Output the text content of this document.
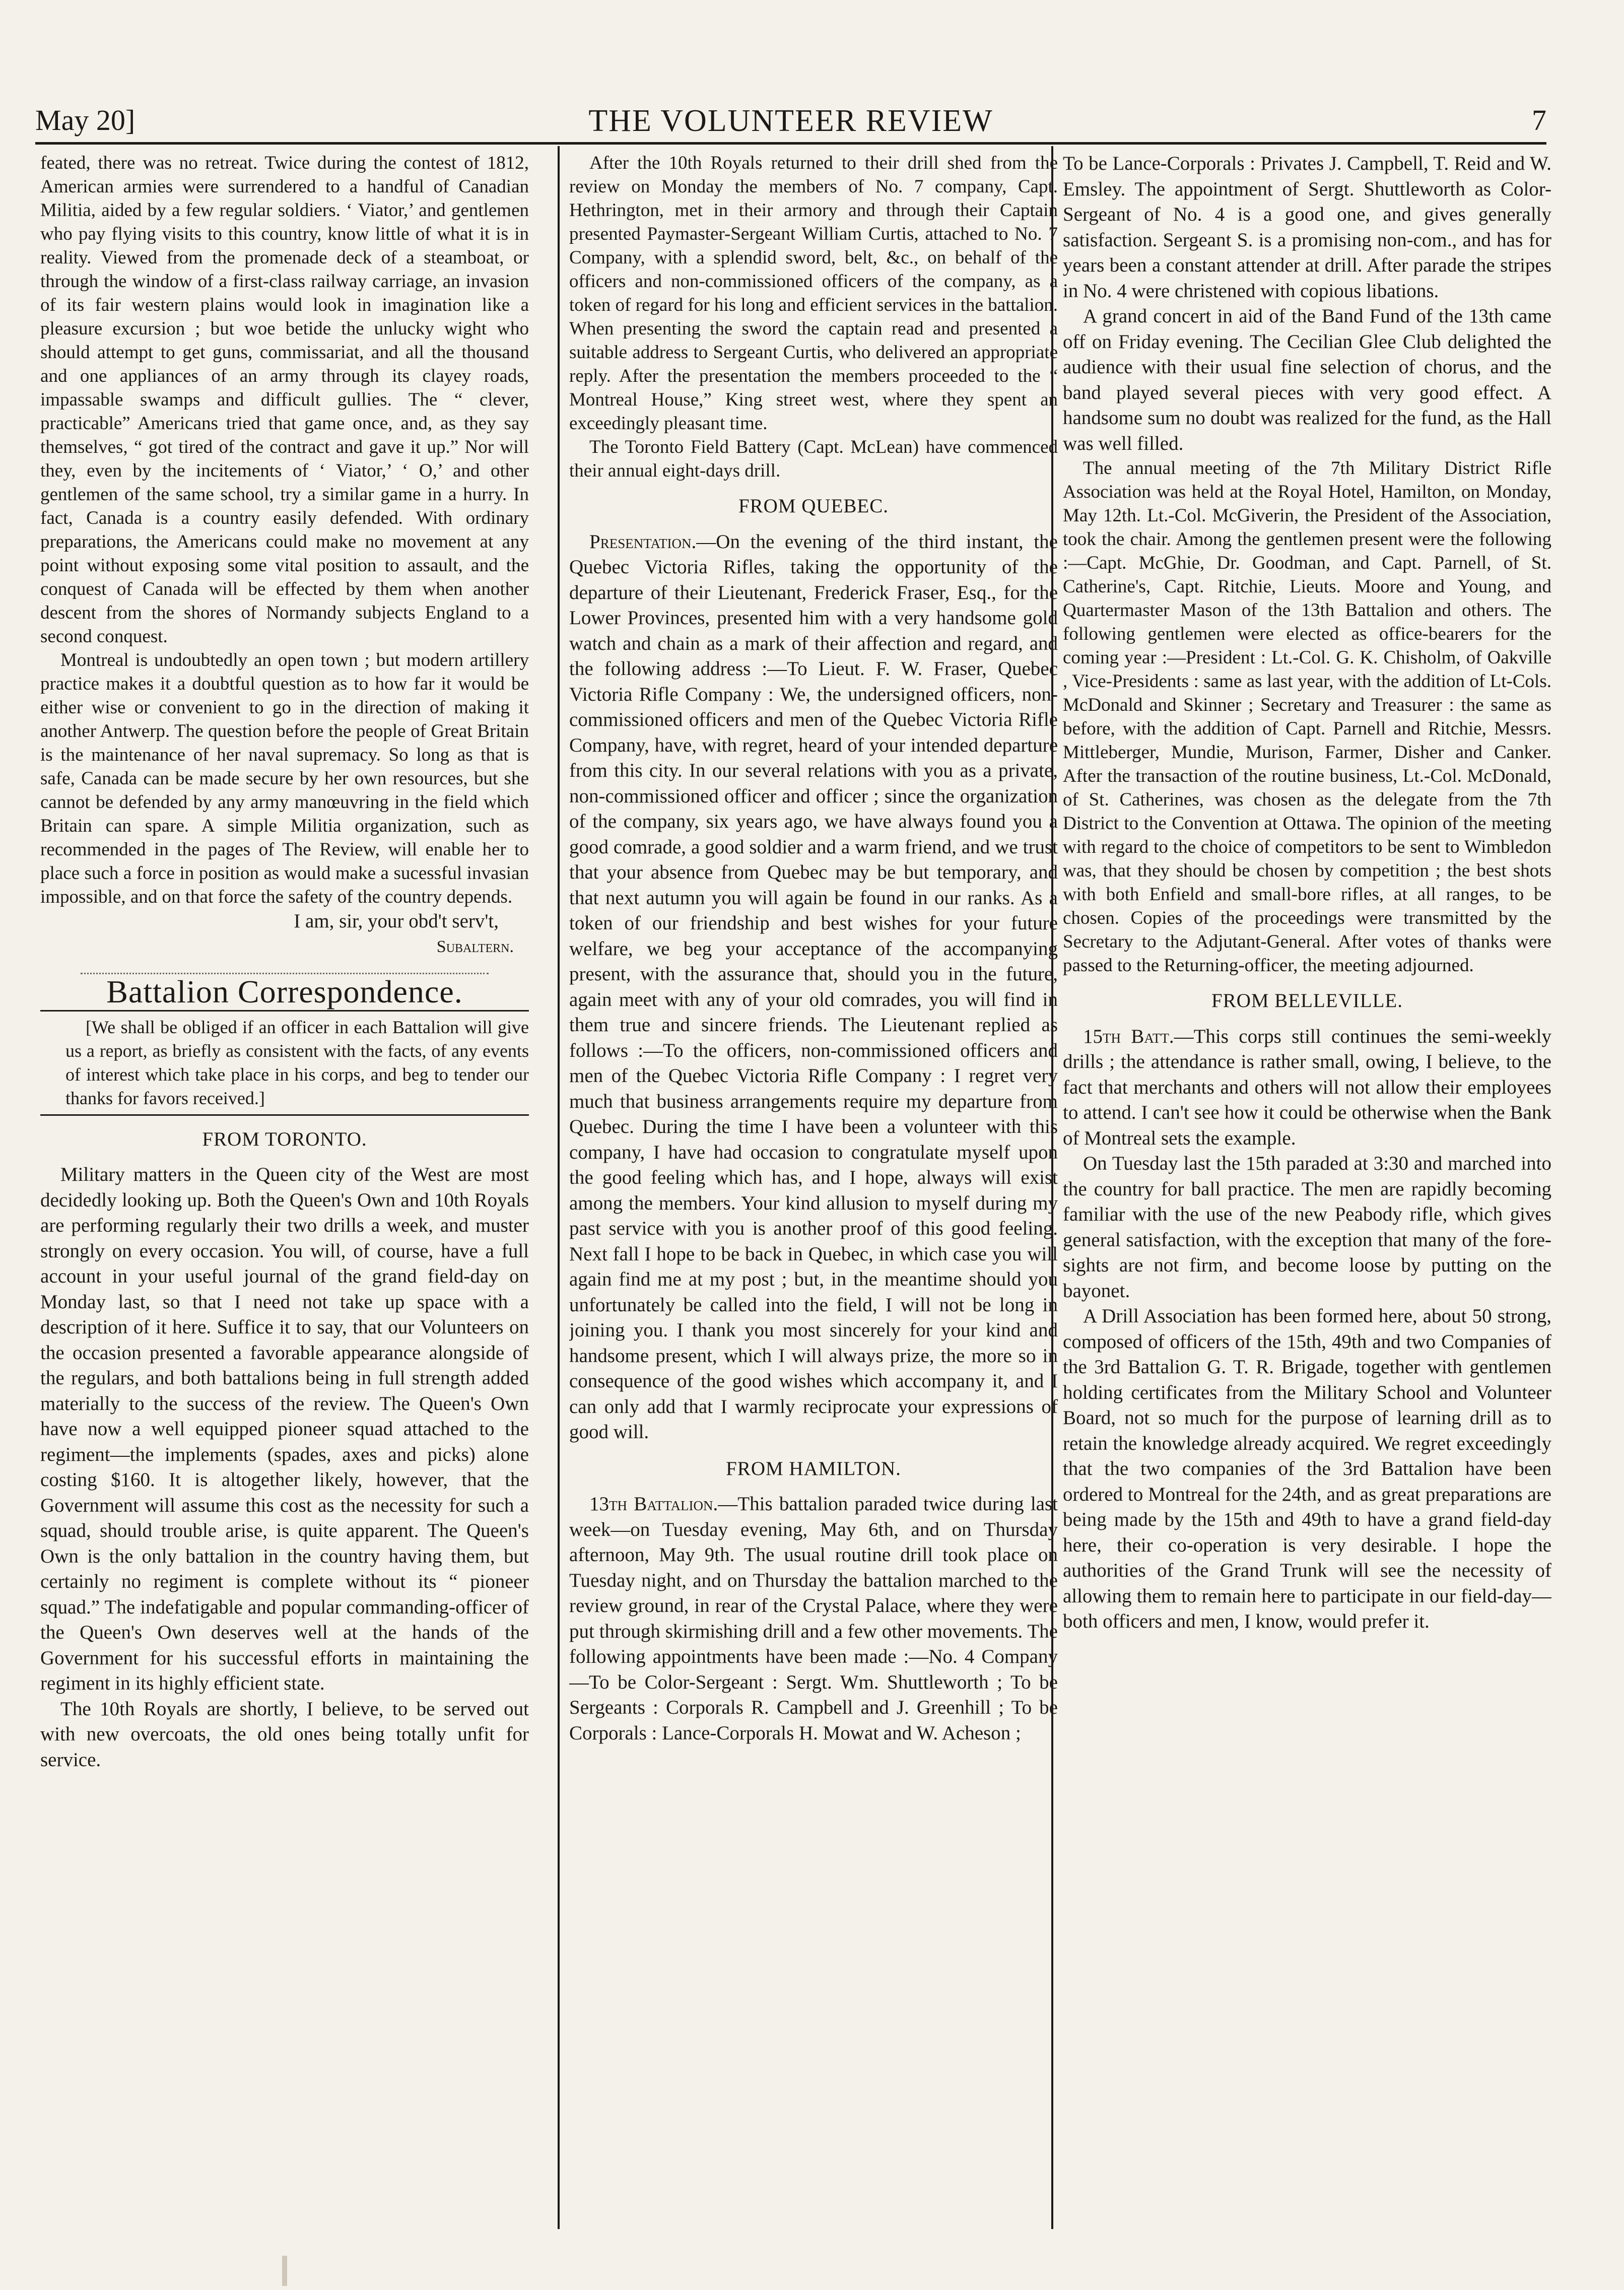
THE VOLUNTEER REVIEW
May 20]	7

feated, there was no retreat. Twice during the contest of 1812, American armies were surrendered to a handful of Canadian Militia, aided by a few regular soldiers. ‘ Viator,’ and gentlemen who pay flying visits to this country, know little of what it is in reality. Viewed from the promenade deck of a steamboat, or through the window of a first-class railway carriage, an invasion of its fair western plains would look in imagination like a pleasure excursion ; but woe betide the unlucky wight who should attempt to get guns, commissariat, and all the thousand and one appliances of an army through its clayey roads, impassable swamps and difficult gullies. The “ clever, practicable” Americans tried that game once, and, as they say themselves, “ got tired of the contract and gave it up.” Nor will they, even by the incitements of ‘ Viator,’ ‘ O,’ and other gentlemen of the same school, try a similar game in a hurry. In fact, Canada is a country easily defended. With ordinary preparations, the Americans could make no movement at any point without exposing some vital position to assault, and the conquest of Canada will be effected by them when another descent from the shores of Normandy subjects England to a second conquest.

Montreal is undoubtedly an open town ; but modern artillery practice makes it a doubtful question as to how far it would be either wise or convenient to go in the direction of making it another Antwerp. The question before the people of Great Britain is the maintenance of her naval supremacy. So long as that is safe, Canada can be made secure by her own resources, but she cannot be defended by any army manœuvring in the field which Britain can spare. A simple Militia organization, such as recommended in the pages of The Review, will enable her to place such a force in position as would make a sucessful invasian impossible, and on that force the safety of the country depends.

I am, sir, your obd't serv't,

Subaltern.

Battalion Correspondence.

[We shall be obliged if an officer in each Battalion will give us a report, as briefly as consistent with the facts, of any events of interest which take place in his corps, and beg to tender our thanks for favors received.]

FROM TORONTO.

Military matters in the Queen city of the West are most decidedly looking up. Both the Queen's Own and 10th Royals are performing regularly their two drills a week, and muster strongly on every occasion. You will, of course, have a full account in your useful journal of the grand field-day on Monday last, so that I need not take up space with a description of it here. Suffice it to say, that our Volunteers on the occasion presented a favorable appearance alongside of the regulars, and both battalions being in full strength added materially to the success of the review. The Queen's Own have now a well equipped pioneer squad attached to the regiment—the implements (spades, axes and picks) alone costing $160. It is altogether likely, however, that the Government will assume this cost as the necessity for such a squad, should trouble arise, is quite apparent. The Queen's Own is the only battalion in the country having them, but certainly no regiment is complete without its “ pioneer squad.” The indefatigable and popular commanding-officer of the Queen's Own deserves well at the hands of the Government for his successful efforts in maintaining the regiment in its highly efficient state.

The 10th Royals are shortly, I believe, to be served out with new overcoats, the old ones being totally unfit for service.

After the 10th Royals returned to their drill shed from the review on Monday the members of No. 7 company, Capt. Hethrington, met in their armory and through their Captain presented Paymaster-Sergeant William Curtis, attached to No. 7 Company, with a splendid sword, belt, &c., on behalf of the officers and non-commissioned officers of the company, as a token of regard for his long and efficient services in the battalion. When presenting the sword the captain read and presented a suitable address to Sergeant Curtis, who delivered an appropriate reply. After the presentation the members proceeded to the “ Montreal House,” King street west, where they spent an exceedingly pleasant time.

The Toronto Field Battery (Capt. McLean) have commenced their annual eight-days drill.

FROM QUEBEC.

Presentation.—On the evening of the third instant, the Quebec Victoria Rifles, taking the opportunity of the departure of their Lieutenant, Frederick Fraser, Esq., for the Lower Provinces, presented him with a very handsome gold watch and chain as a mark of their affection and regard, and the following address :—To Lieut. F. W. Fraser, Quebec Victoria Rifle Company : We, the undersigned officers, non-commissioned officers and men of the Quebec Victoria Rifle Company, have, with regret, heard of your intended departure from this city. In our several relations with you as a private, non-commissioned officer and officer ; since the organization of the company, six years ago, we have always found you a good comrade, a good soldier and a warm friend, and we trust that your absence from Quebec may be but temporary, and that next autumn you will again be found in our ranks. As a token of our friendship and best wishes for your future welfare, we beg your acceptance of the accompanying present, with the assurance that, should you in the future, again meet with any of your old comrades, you will find in them true and sincere friends. The Lieutenant replied as follows :—To the officers, non-commissioned officers and men of the Quebec Victoria Rifle Company : I regret very much that business arrangements require my departure from Quebec. During the time I have been a volunteer with this company, I have had occasion to congratulate myself upon the good feeling which has, and I hope, always will exist among the members. Your kind allusion to myself during my past service with you is another proof of this good feeling. Next fall I hope to be back in Quebec, in which case you will again find me at my post ; but, in the meantime should you unfortunately be called into the field, I will not be long in joining you. I thank you most sincerely for your kind and handsome present, which I will always prize, the more so in consequence of the good wishes which accompany it, and I can only add that I warmly reciprocate your expressions of good will.

FROM HAMILTON.

13th Battalion.—This battalion paraded twice during last week—on Tuesday evening, May 6th, and on Thursday afternoon, May 9th. The usual routine drill took place on Tuesday night, and on Thursday the battalion marched to the review ground, in rear of the Crystal Palace, where they were put through skirmishing drill and a few other movements. The following appointments have been made :—No. 4 Company—To be Color-Sergeant : Sergt. Wm. Shuttleworth ; To be Sergeants : Corporals R. Campbell and J. Greenhill ; To be Corporals : Lance-Corporals H. Mowat and W. Acheson ;

To be Lance-Corporals : Privates J. Campbell, T. Reid and W. Emsley. The appointment of Sergt. Shuttleworth as Color-Sergeant of No. 4 is a good one, and gives generally satisfaction. Sergeant S. is a promising non-com., and has for years been a constant attender at drill. After parade the stripes in No. 4 were christened with copious libations.

A grand concert in aid of the Band Fund of the 13th came off on Friday evening. The Cecilian Glee Club delighted the audience with their usual fine selection of chorus, and the band played several pieces with very good effect. A handsome sum no doubt was realized for the fund, as the Hall was well filled.

The annual meeting of the 7th Military District Rifle Association was held at the Royal Hotel, Hamilton, on Monday, May 12th. Lt.-Col. McGiverin, the President of the Association, took the chair. Among the gentlemen present were the following :—Capt. McGhie, Dr. Goodman, and Capt. Parnell, of St. Catherine's, Capt. Ritchie, Lieuts. Moore and Young, and Quartermaster Mason of the 13th Battalion and others. The following gentlemen were elected as office-bearers for the coming year :—President : Lt.-Col. G. K. Chisholm, of Oakville , Vice-Presidents : same as last year, with the addition of Lt-Cols. McDonald and Skinner ; Secretary and Treasurer : the same as before, with the addition of Capt. Parnell and Ritchie, Messrs. Mittleberger, Mundie, Murison, Farmer, Disher and Canker. After the transaction of the routine business, Lt.-Col. McDonald, of St. Catherines, was chosen as the delegate from the 7th District to the Convention at Ottawa. The opinion of the meeting with regard to the choice of competitors to be sent to Wimbledon was, that they should be chosen by competition ; the best shots with both Enfield and small-bore rifles, at all ranges, to be chosen. Copies of the proceedings were transmitted by the Secretary to the Adjutant-General. After votes of thanks were passed to the Returning-officer, the meeting adjourned.

FROM BELLEVILLE.

15th Batt.—This corps still continues the semi-weekly drills ; the attendance is rather small, owing, I believe, to the fact that merchants and others will not allow their employees to attend. I can't see how it could be otherwise when the Bank of Montreal sets the example.

On Tuesday last the 15th paraded at 3:30 and marched into the country for ball practice. The men are rapidly becoming familiar with the use of the new Peabody rifle, which gives general satisfaction, with the exception that many of the fore-sights are not firm, and become loose by putting on the bayonet.

A Drill Association has been formed here, about 50 strong, composed of officers of the 15th, 49th and two Companies of the 3rd Battalion G. T. R. Brigade, together with gentlemen holding certificates from the Military School and Volunteer Board, not so much for the purpose of learning drill as to retain the knowledge already acquired. We regret exceedingly that the two companies of the 3rd Battalion have been ordered to Montreal for the 24th, and as great preparations are being made by the 15th and 49th to have a grand field-day here, their co-operation is very desirable. I hope the authorities of the Grand Trunk will see the necessity of allowing them to remain here to participate in our field-day—both officers and men, I know, would prefer it.
